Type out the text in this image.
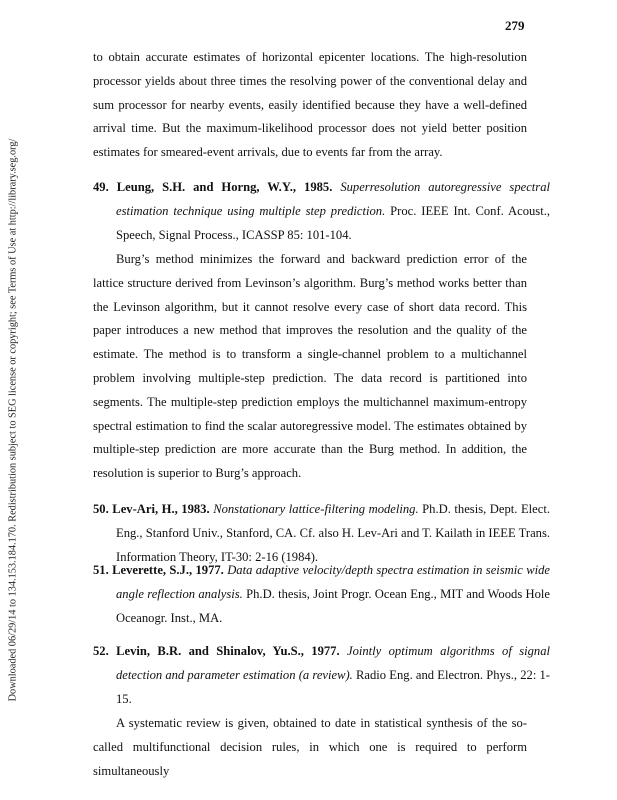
279
Downloaded 06/29/14 to 134.153.184.170. Redistribution subject to SEG license or copyright; see Terms of Use at http://library.seg.org/
to obtain accurate estimates of horizontal epicenter locations. The high-resolution processor yields about three times the resolving power of the conventional delay and sum processor for nearby events, easily identified because they have a well-defined arrival time. But the maximum-likelihood processor does not yield better position estimates for smeared-event arrivals, due to events far from the array.
49. Leung, S.H. and Horng, W.Y., 1985. Superresolution autoregressive spectral estimation technique using multiple step prediction. Proc. IEEE Int. Conf. Acoust., Speech, Signal Process., ICASSP 85: 101-104.
Burg’s method minimizes the forward and backward prediction error of the lattice structure derived from Levinson’s algorithm. Burg’s method works better than the Levinson algorithm, but it cannot resolve every case of short data record. This paper introduces a new method that improves the resolution and the quality of the estimate. The method is to transform a single-channel problem to a multichannel problem involving multiple-step prediction. The data record is partitioned into segments. The multiple-step prediction employs the multichannel maximum-entropy spectral estimation to find the scalar autoregressive model. The estimates obtained by multiple-step prediction are more accurate than the Burg method. In addition, the resolution is superior to Burg’s approach.
50. Lev-Ari, H., 1983. Nonstationary lattice-filtering modeling. Ph.D. thesis, Dept. Elect. Eng., Stanford Univ., Stanford, CA. Cf. also H. Lev-Ari and T. Kailath in IEEE Trans. Information Theory, IT-30: 2-16 (1984).
51. Leverette, S.J., 1977. Data adaptive velocity/depth spectra estimation in seismic wide angle reflection analysis. Ph.D. thesis, Joint Progr. Ocean Eng., MIT and Woods Hole Oceanogr. Inst., MA.
52. Levin, B.R. and Shinalov, Yu.S., 1977. Jointly optimum algorithms of signal detection and parameter estimation (a review). Radio Eng. and Electron. Phys., 22: 1-15.
A systematic review is given, obtained to date in statistical synthesis of the so-called multifunctional decision rules, in which one is required to perform simultaneously
